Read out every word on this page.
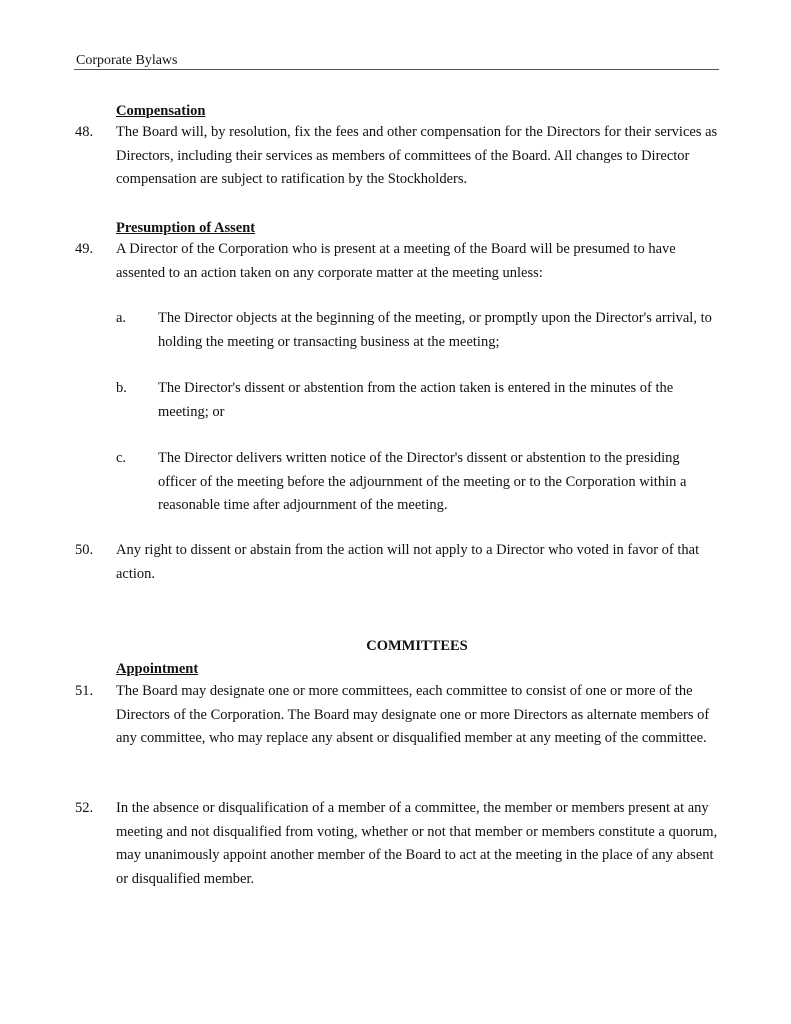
Corporate Bylaws
Compensation
48.	The Board will, by resolution, fix the fees and other compensation for the Directors for their services as Directors, including their services as members of committees of the Board. All changes to Director compensation are subject to ratification by the Stockholders.
Presumption of Assent
49.	A Director of the Corporation who is present at a meeting of the Board will be presumed to have assented to an action taken on any corporate matter at the meeting unless:
a.	The Director objects at the beginning of the meeting, or promptly upon the Director's arrival, to holding the meeting or transacting business at the meeting;
b.	The Director's dissent or abstention from the action taken is entered in the minutes of the meeting; or
c.	The Director delivers written notice of the Director's dissent or abstention to the presiding officer of the meeting before the adjournment of the meeting or to the Corporation within a reasonable time after adjournment of the meeting.
50.	Any right to dissent or abstain from the action will not apply to a Director who voted in favor of that action.
COMMITTEES
Appointment
51.	The Board may designate one or more committees, each committee to consist of one or more of the Directors of the Corporation. The Board may designate one or more Directors as alternate members of any committee, who may replace any absent or disqualified member at any meeting of the committee.
52.	In the absence or disqualification of a member of a committee, the member or members present at any meeting and not disqualified from voting, whether or not that member or members constitute a quorum, may unanimously appoint another member of the Board to act at the meeting in the place of any absent or disqualified member.
